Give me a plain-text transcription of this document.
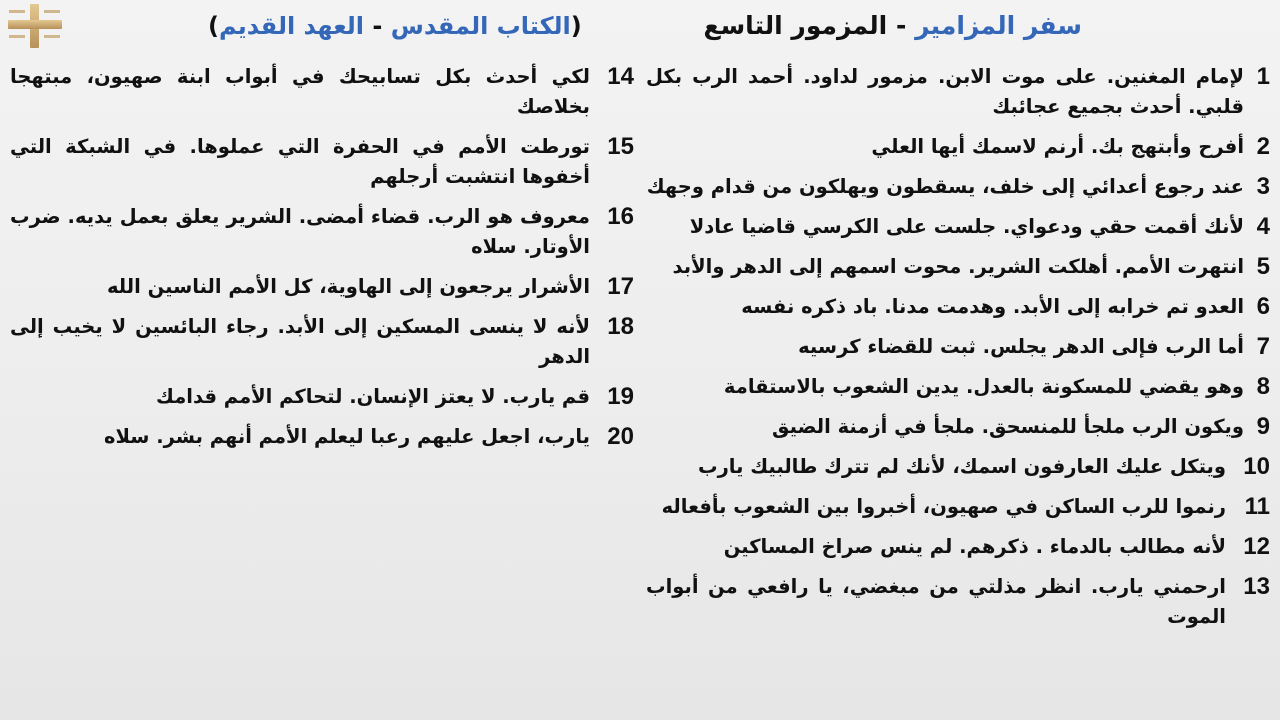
سفر المزامير - المزمور التاسع
(الكتاب المقدس - العهد القديم)
1
لإمام المغنين. على موت الابن. مزمور لداود. أحمد الرب بكل قلبي. أحدث بجميع عجائبك
2
أفرح وأبتهج بك. أرنم لاسمك أيها العلي
3
عند رجوع أعدائي إلى خلف، يسقطون ويهلكون من قدام وجهك
4
لأنك أقمت حقي ودعواي. جلست على الكرسي قاضيا عادلا
5
انتهرت الأمم. أهلكت الشرير. محوت اسمهم إلى الدهر والأبد
6
العدو تم خرابه إلى الأبد. وهدمت مدنا. باد ذكره نفسه
7
أما الرب فإلى الدهر يجلس. ثبت للقضاء كرسيه
8
وهو يقضي للمسكونة بالعدل. يدين الشعوب بالاستقامة
9
ويكون الرب ملجأ للمنسحق. ملجأ في أزمنة الضيق
10
ويتكل عليك العارفون اسمك، لأنك لم تترك طالبيك يارب
11
رنموا للرب الساكن في صهيون، أخبروا بين الشعوب بأفعاله
12
لأنه مطالب بالدماء . ذكرهم. لم ينس صراخ المساكين
13
ارحمني يارب. انظر مذلتي من مبغضي، يا رافعي من أبواب الموت
14
لكي أحدث بكل تسابيحك في أبواب ابنة صهيون، مبتهجا بخلاصك
15
تورطت الأمم في الحفرة التي عملوها. في الشبكة التي أخفوها انتشبت أرجلهم
16
معروف هو الرب. قضاء أمضى. الشرير يعلق بعمل يديه. ضرب الأوتار. سلاه
17
الأشرار يرجعون إلى الهاوية، كل الأمم الناسين الله
18
لأنه لا ينسى المسكين إلى الأبد. رجاء البائسين لا يخيب إلى الدهر
19
قم يارب. لا يعتز الإنسان. لتحاكم الأمم قدامك
20
يارب، اجعل عليهم رعبا ليعلم الأمم أنهم بشر. سلاه
